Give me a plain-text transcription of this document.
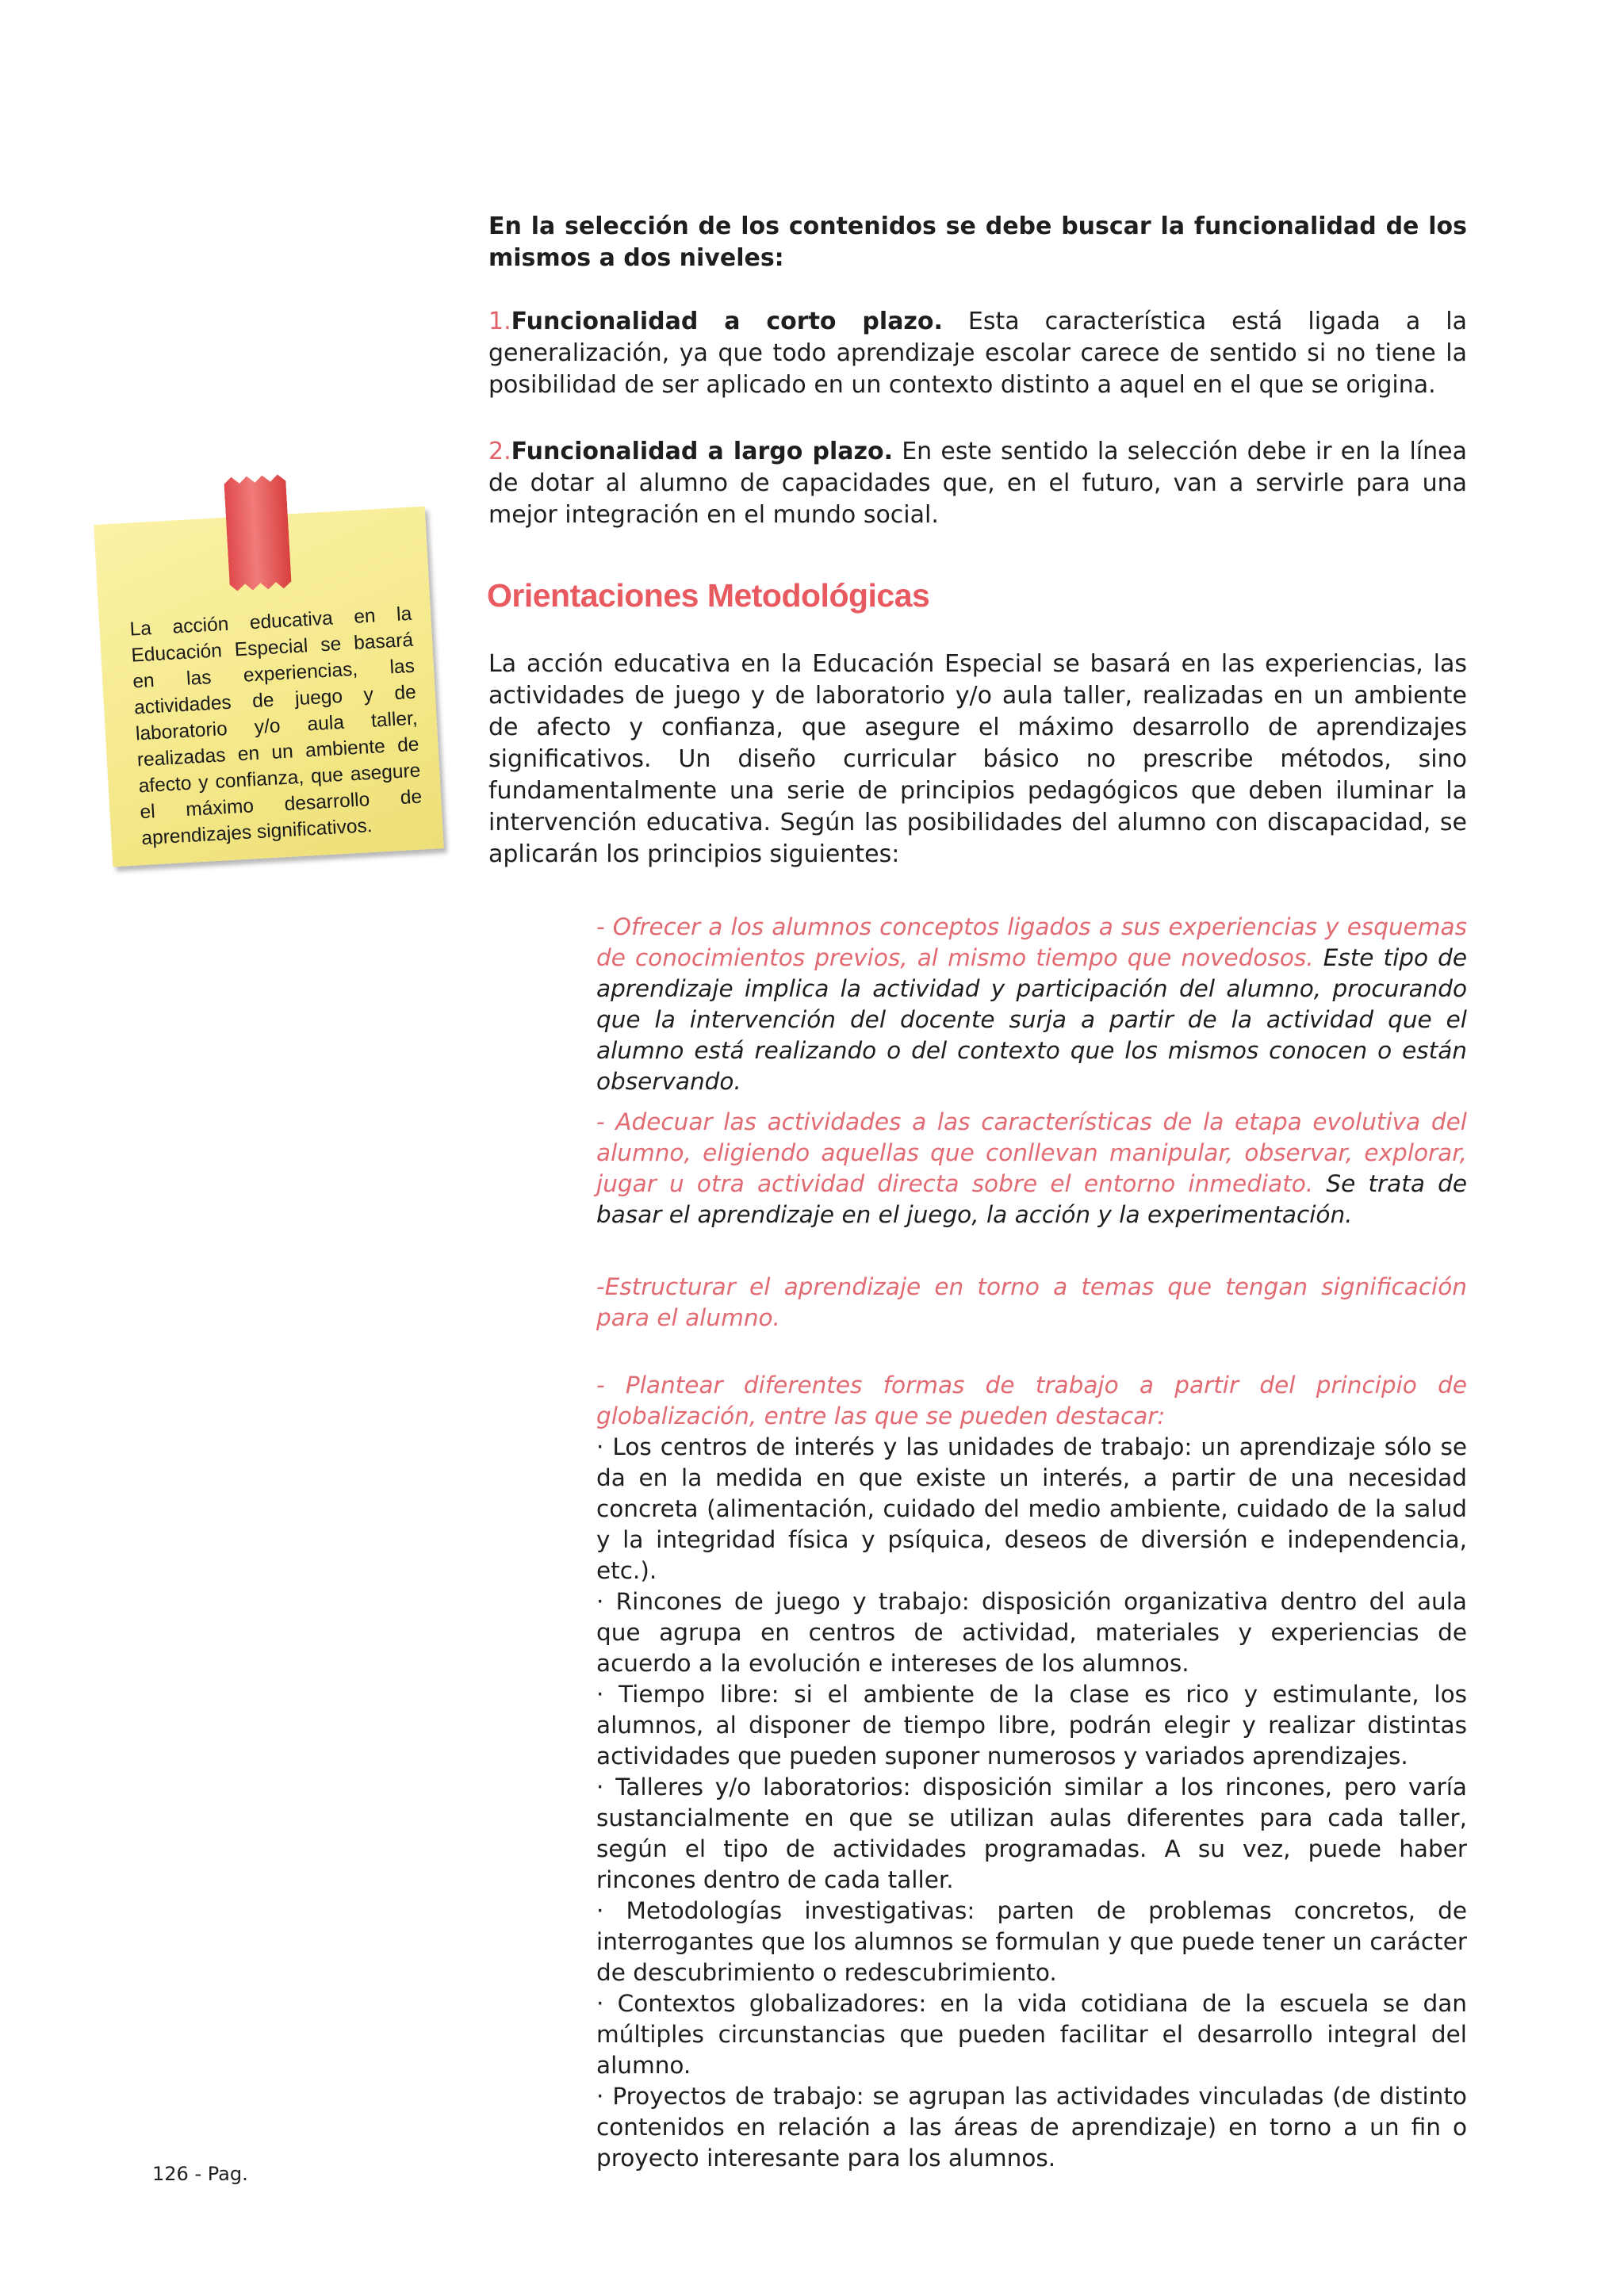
La acción educativa en la Educación Especial se basará en las experiencias, las actividades de juego y de laboratorio y/o aula taller, realizadas en un ambiente de afecto y confianza, que asegure el máximo desarrollo de aprendizajes significativos.
En la selección de los contenidos se debe buscar la funcionalidad de los mismos a dos niveles:

1.Funcionalidad a corto plazo. Esta característica está ligada a la generalización, ya que todo aprendizaje escolar carece de sentido si no tiene la posibilidad de ser aplicado en un contexto distinto a aquel en el que se origina.

2.Funcionalidad a largo plazo. En este sentido la selección debe ir en la línea de dotar al alumno de capacidades que, en el futuro, van a servirle para una mejor integración en el mundo social.

Orientaciones Metodológicas
La acción educativa en la Educación Especial se basará en las experiencias, las actividades de juego y de laboratorio y/o aula taller, realizadas en un ambiente de afecto y confianza, que asegure el máximo desarrollo de aprendizajes significativos. Un diseño curricular básico no prescribe métodos, sino fundamentalmente una serie de principios pedagógicos que deben iluminar la intervención educativa. Según las posibilidades del alumno con discapacidad, se aplicarán los principios siguientes:

- Ofrecer a los alumnos conceptos ligados a sus experiencias y esquemas de conocimientos previos, al mismo tiempo que novedosos. Este tipo de aprendizaje implica la actividad y participación del alumno, procurando que la intervención del docente surja a partir de la actividad que el alumno está realizando o del contexto que los mismos conocen o están observando.

- Adecuar las actividades a las características de la etapa evolutiva del alumno, eligiendo aquellas que conllevan manipular, observar, explorar, jugar u otra actividad directa sobre el entorno inmediato. Se trata de basar el aprendizaje en el juego, la acción y la experimentación.

-Estructurar el aprendizaje en torno a temas que tengan significación para el alumno.

- Plantear diferentes formas de trabajo a partir del principio de globalización, entre las que se pueden destacar:

· Los centros de interés y las unidades de trabajo: un aprendizaje sólo se da en la medida en que existe un interés, a partir de una necesidad concreta (alimentación, cuidado del medio ambiente, cuidado de la salud y la integridad física y psíquica, deseos de diversión e independencia, etc.).

· Rincones de juego y trabajo: disposición organizativa dentro del aula que agrupa en centros de actividad, materiales y experiencias de acuerdo a la evolución e intereses de los alumnos.

· Tiempo libre: si el ambiente de la clase es rico y estimulante, los alumnos, al disponer de tiempo libre, podrán elegir y realizar distintas actividades que pueden suponer numerosos y variados aprendizajes.

· Talleres y/o laboratorios: disposición similar a los rincones, pero varía sustancialmente en que se utilizan aulas diferentes para cada taller, según el tipo de actividades programadas. A su vez, puede haber rincones dentro de cada taller.

· Metodologías investigativas: parten de problemas concretos, de interrogantes que los alumnos se formulan y que puede tener un carácter de descubrimiento o redescubrimiento.

· Contextos globalizadores: en la vida cotidiana de la escuela se dan múltiples circunstancias que pueden facilitar el desarrollo integral del alumno.

· Proyectos de trabajo: se agrupan las actividades vinculadas (de distinto contenidos en relación a las áreas de aprendizaje) en torno a un fin o proyecto interesante para los alumnos.

126 - Pag.
